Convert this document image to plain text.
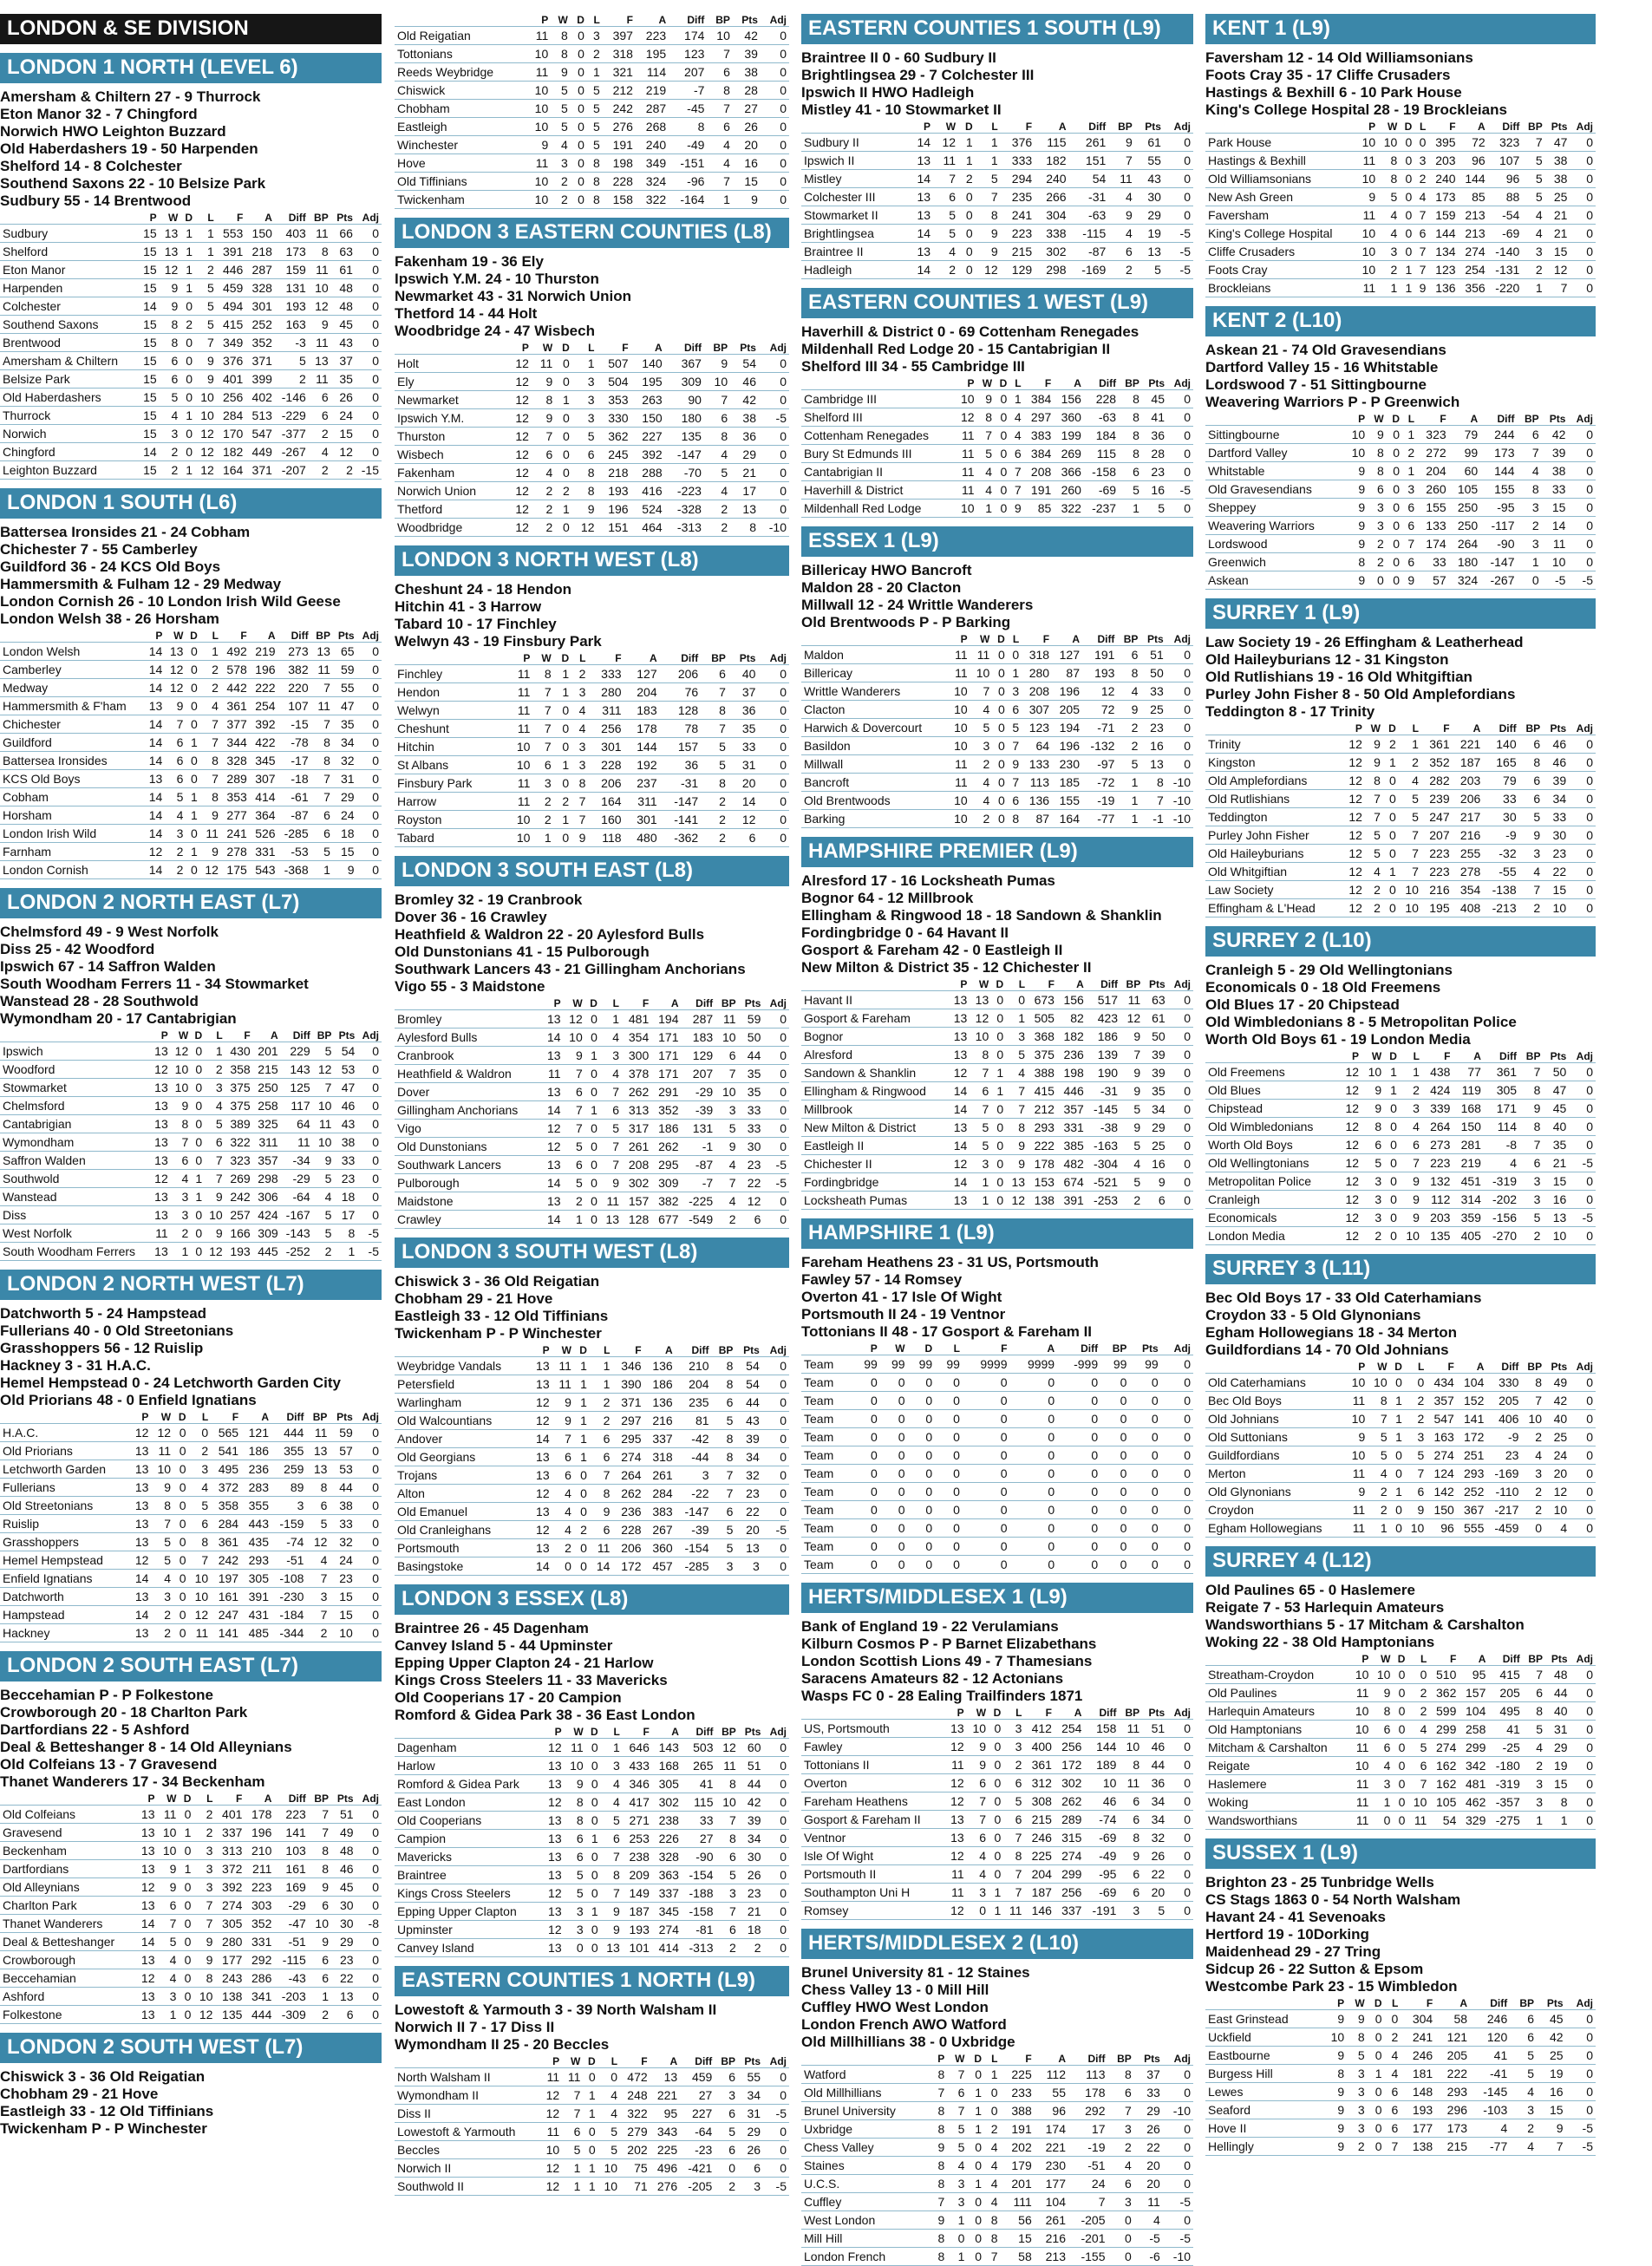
LONDON & SE DIVISION
LONDON 1 NORTH (LEVEL 6)
Amersham & Chiltern 27 - 9 Thurrock
Eton Manor 32 - 7 Chingford
Norwich HWO Leighton Buzzard
Old Haberdashers 19 - 50 Harpenden
Shelford 14 - 8 Colchester
Southend Saxons 22 - 10 Belsize Park
Sudbury 55 - 14 Brentwood
	P	W	D	L	F	A	Diff	BP	Pts	Adj
Sudbury	15	13	1	1	553	150	403	11	66	0
Shelford	15	13	1	1	391	218	173	8	63	0
Eton Manor	15	12	1	2	446	287	159	11	61	0
Harpenden	15	9	1	5	459	328	131	10	48	0
Colchester	14	9	0	5	494	301	193	12	48	0
Southend Saxons	15	8	2	5	415	252	163	9	45	0
Brentwood	15	8	0	7	349	352	-3	11	43	0
Amersham & Chiltern	15	6	0	9	376	371	5	13	37	0
Belsize Park	15	6	0	9	401	399	2	11	35	0
Old Haberdashers	15	5	0	10	256	402	-146	6	26	0
Thurrock	15	4	1	10	284	513	-229	6	24	0
Norwich	15	3	0	12	170	547	-377	2	15	0
Chingford	14	2	0	12	182	449	-267	4	12	0
Leighton Buzzard	15	2	1	12	164	371	-207	2	2	-15
LONDON 1 SOUTH (L6)
Battersea Ironsides 21 - 24 Cobham
Chichester 7 - 55 Camberley
Guildford 36 - 24 KCS Old Boys
Hammersmith & Fulham 12 - 29 Medway
London Cornish 26 - 10 London Irish Wild Geese
London Welsh 38 - 26 Horsham
	P	W	D	L	F	A	Diff	BP	Pts	Adj
London Welsh	14	13	0	1	492	219	273	13	65	0
Camberley	14	12	0	2	578	196	382	11	59	0
Medway	14	12	0	2	442	222	220	7	55	0
Hammersmith & F'ham	13	9	0	4	361	254	107	11	47	0
Chichester	14	7	0	7	377	392	-15	7	35	0
Guildford	14	6	1	7	344	422	-78	8	34	0
Battersea Ironsides	14	6	0	8	328	345	-17	8	32	0
KCS Old Boys	13	6	0	7	289	307	-18	7	31	0
Cobham	14	5	1	8	353	414	-61	7	29	0
Horsham	14	4	1	9	277	364	-87	6	24	0
London Irish Wild	14	3	0	11	241	526	-285	6	18	0
Farnham	12	2	1	9	278	331	-53	5	15	0
London Cornish	14	2	0	12	175	543	-368	1	9	0
LONDON 2 NORTH EAST (L7)
Chelmsford 49 - 9 West Norfolk
Diss 25 - 42 Woodford
Ipswich 67 - 14 Saffron Walden
South Woodham Ferrers 11 - 34 Stowmarket
Wanstead 28 - 28 Southwold
Wymondham 20 - 17 Cantabrigian
	P	W	D	L	F	A	Diff	BP	Pts	Adj
Ipswich	13	12	0	1	430	201	229	5	54	0
Woodford	12	10	0	2	358	215	143	12	53	0
Stowmarket	13	10	0	3	375	250	125	7	47	0
Chelmsford	13	9	0	4	375	258	117	10	46	0
Cantabrigian	13	8	0	5	389	325	64	11	43	0
Wymondham	13	7	0	6	322	311	11	10	38	0
Saffron Walden	13	6	0	7	323	357	-34	9	33	0
Southwold	12	4	1	7	269	298	-29	5	23	0
Wanstead	13	3	1	9	242	306	-64	4	18	0
Diss	13	3	0	10	257	424	-167	5	17	0
West Norfolk	11	2	0	9	166	309	-143	5	8	-5
South Woodham Ferrers	13	1	0	12	193	445	-252	2	1	-5
LONDON 2 NORTH WEST (L7)
Datchworth 5 - 24 Hampstead
Fullerians 40 - 0 Old Streetonians
Grasshoppers 56 - 12 Ruislip
Hackney 3 - 31 H.A.C.
Hemel Hempstead 0 - 24 Letchworth Garden City
Old Priorians 48 - 0 Enfield Ignatians
	P	W	D	L	F	A	Diff	BP	Pts	Adj
H.A.C.	12	12	0	0	565	121	444	11	59	0
Old Priorians	13	11	0	2	541	186	355	13	57	0
Letchworth Garden	13	10	0	3	495	236	259	13	53	0
Fullerians	13	9	0	4	372	283	89	8	44	0
Old Streetonians	13	8	0	5	358	355	3	6	38	0
Ruislip	13	7	0	6	284	443	-159	5	33	0
Grasshoppers	13	5	0	8	361	435	-74	12	32	0
Hemel Hempstead	12	5	0	7	242	293	-51	4	24	0
Enfield Ignatians	14	4	0	10	197	305	-108	7	23	0
Datchworth	13	3	0	10	161	391	-230	3	15	0
Hampstead	14	2	0	12	247	431	-184	7	15	0
Hackney	13	2	0	11	141	485	-344	2	10	0
LONDON 2 SOUTH EAST (L7)
Beccehamian P - P Folkestone
Crowborough 20 - 18 Charlton Park
Dartfordians 22 - 5 Ashford
Deal & Betteshanger 8 - 14 Old Alleynians
Old Colfeians 13 - 7 Gravesend
Thanet Wanderers 17 - 34 Beckenham
	P	W	D	L	F	A	Diff	BP	Pts	Adj
Old Colfeians	13	11	0	2	401	178	223	7	51	0
Gravesend	13	10	1	2	337	196	141	7	49	0
Beckenham	13	10	0	3	313	210	103	8	48	0
Dartfordians	13	9	1	3	372	211	161	8	46	0
Old Alleynians	12	9	0	3	392	223	169	9	45	0
Charlton Park	13	6	0	7	274	303	-29	6	30	0
Thanet Wanderers	14	7	0	7	305	352	-47	10	30	-8
Deal & Betteshanger	14	5	0	9	280	331	-51	9	29	0
Crowborough	13	4	0	9	177	292	-115	6	23	0
Beccehamian	12	4	0	8	243	286	-43	6	22	0
Ashford	13	3	0	10	138	341	-203	1	13	0
Folkestone	13	1	0	12	135	444	-309	2	6	0
LONDON 2 SOUTH WEST (L7)
Chiswick 3 - 36 Old Reigatian
Chobham 29 - 21 Hove
Eastleigh 33 - 12 Old Tiffinians
Twickenham P - P Winchester
	P	W	D	L	F	A	Diff	BP	Pts	Adj
Old Reigatian	11	8	0	3	397	223	174	10	42	0
Tottonians	10	8	0	2	318	195	123	7	39	0
Reeds Weybridge	11	9	0	1	321	114	207	6	38	0
Chiswick	10	5	0	5	212	219	-7	8	28	0
Chobham	10	5	0	5	242	287	-45	7	27	0
Eastleigh	10	5	0	5	276	268	8	6	26	0
Winchester	9	4	0	5	191	240	-49	4	20	0
Hove	11	3	0	8	198	349	-151	4	16	0
Old Tiffinians	10	2	0	8	228	324	-96	7	15	0
Twickenham	10	2	0	8	158	322	-164	1	9	0
LONDON 3 EASTERN COUNTIES (L8)
Fakenham 19 - 36 Ely
Ipswich Y.M. 24 - 10 Thurston
Newmarket 43 - 31 Norwich Union
Thetford 14 - 44 Holt
Woodbridge 24 - 47 Wisbech
	P	W	D	L	F	A	Diff	BP	Pts	Adj
Holt	12	11	0	1	507	140	367	9	54	0
Ely	12	9	0	3	504	195	309	10	46	0
Newmarket	12	8	1	3	353	263	90	7	42	0
Ipswich Y.M.	12	9	0	3	330	150	180	6	38	-5
Thurston	12	7	0	5	362	227	135	8	36	0
Wisbech	12	6	0	6	245	392	-147	4	29	0
Fakenham	12	4	0	8	218	288	-70	5	21	0
Norwich Union	12	2	2	8	193	416	-223	4	17	0
Thetford	12	2	1	9	196	524	-328	2	13	0
Woodbridge	12	2	0	12	151	464	-313	2	8	-10
LONDON 3 NORTH WEST (L8)
Cheshunt 24 - 18 Hendon
Hitchin 41 - 3 Harrow
Tabard 10 - 17 Finchley
Welwyn 43 - 19 Finsbury Park
	P	W	D	L	F	A	Diff	BP	Pts	Adj
Finchley	11	8	1	2	333	127	206	6	40	0
Hendon	11	7	1	3	280	204	76	7	37	0
Welwyn	11	7	0	4	311	183	128	8	36	0
Cheshunt	11	7	0	4	256	178	78	7	35	0
Hitchin	10	7	0	3	301	144	157	5	33	0
St Albans	10	6	1	3	228	192	36	5	31	0
Finsbury Park	11	3	0	8	206	237	-31	8	20	0
Harrow	11	2	2	7	164	311	-147	2	14	0
Royston	10	2	1	7	160	301	-141	2	12	0
Tabard	10	1	0	9	118	480	-362	2	6	0
LONDON 3 SOUTH EAST (L8)
Bromley 32 - 19 Cranbrook
Dover 36 - 16 Crawley
Heathfield & Waldron 22 - 20 Aylesford Bulls
Old Dunstonians 41 - 15 Pulborough
Southwark Lancers 43 - 21 Gillingham Anchorians
Vigo 55 - 3 Maidstone
	P	W	D	L	F	A	Diff	BP	Pts	Adj
Bromley	13	12	0	1	481	194	287	11	59	0
Aylesford Bulls	14	10	0	4	354	171	183	10	50	0
Cranbrook	13	9	1	3	300	171	129	6	44	0
Heathfield & Waldron	11	7	0	4	378	171	207	7	35	0
Dover	13	6	0	7	262	291	-29	10	35	0
Gillingham Anchorians	14	7	1	6	313	352	-39	3	33	0
Vigo	12	7	0	5	317	186	131	5	33	0
Old Dunstonians	12	5	0	7	261	262	-1	9	30	0
Southwark Lancers	13	6	0	7	208	295	-87	4	23	-5
Pulborough	14	5	0	9	302	309	-7	7	22	-5
Maidstone	13	2	0	11	157	382	-225	4	12	0
Crawley	14	1	0	13	128	677	-549	2	6	0
LONDON 3 SOUTH WEST (L8)
Chiswick 3 - 36 Old Reigatian
Chobham 29 - 21 Hove
Eastleigh 33 - 12 Old Tiffinians
Twickenham P - P Winchester
	P	W	D	L	F	A	Diff	BP	Pts	Adj
Weybridge Vandals	13	11	1	1	346	136	210	8	54	0
Petersfield	13	11	1	1	390	186	204	8	54	0
Warlingham	12	9	1	2	371	136	235	6	44	0
Old Walcountians	12	9	1	2	297	216	81	5	43	0
Andover	14	7	1	6	295	337	-42	8	39	0
Old Georgians	13	6	1	6	274	318	-44	8	34	0
Trojans	13	6	0	7	264	261	3	7	32	0
Alton	12	4	0	8	262	284	-22	7	23	0
Old Emanuel	13	4	0	9	236	383	-147	6	22	0
Old Cranleighans	12	4	2	6	228	267	-39	5	20	-5
Portsmouth	13	2	0	11	206	360	-154	5	13	0
Basingstoke	14	0	0	14	172	457	-285	3	3	0
LONDON 3 ESSEX (L8)
Braintree 26 - 45 Dagenham
Canvey Island 5 - 44 Upminster
Epping Upper Clapton 24 - 21 Harlow
Kings Cross Steelers 11 - 33 Mavericks
Old Cooperians 17 - 20 Campion
Romford & Gidea Park 38 - 36 East London
	P	W	D	L	F	A	Diff	BP	Pts	Adj
Dagenham	12	11	0	1	646	143	503	12	60	0
Harlow	13	10	0	3	433	168	265	11	51	0
Romford & Gidea Park	13	9	0	4	346	305	41	8	44	0
East London	12	8	0	4	417	302	115	10	42	0
Old Cooperians	13	8	0	5	271	238	33	7	39	0
Campion	13	6	1	6	253	226	27	8	34	0
Mavericks	13	6	0	7	238	328	-90	6	30	0
Braintree	13	5	0	8	209	363	-154	5	26	0
Kings Cross Steelers	12	5	0	7	149	337	-188	3	23	0
Epping Upper Clapton	13	3	1	9	187	345	-158	7	21	0
Upminster	12	3	0	9	193	274	-81	6	18	0
Canvey Island	13	0	0	13	101	414	-313	2	2	0
EASTERN COUNTIES 1 NORTH (L9)
Lowestoft & Yarmouth 3 - 39 North Walsham II
Norwich II 7 - 17 Diss II
Wymondham II 25 - 20 Beccles
	P	W	D	L	F	A	Diff	BP	Pts	Adj
North Walsham II	11	11	0	0	472	13	459	6	55	0
Wymondham II	12	7	1	4	248	221	27	3	34	0
Diss II	12	7	1	4	322	95	227	6	31	-5
Lowestoft & Yarmouth	11	6	0	5	279	343	-64	5	29	0
Beccles	10	5	0	5	202	225	-23	6	26	0
Norwich II	12	1	1	10	75	496	-421	0	6	0
Southwold II	12	1	1	10	71	276	-205	2	3	-5
EASTERN COUNTIES 1 SOUTH (L9)
Braintree II 0 - 60 Sudbury II
Brightlingsea 29 - 7 Colchester III
Ipswich II HWO Hadleigh
Mistley 41 - 10 Stowmarket II
	P	W	D	L	F	A	Diff	BP	Pts	Adj
Sudbury II	14	12	1	1	376	115	261	9	61	0
Ipswich II	13	11	1	1	333	182	151	7	55	0
Mistley	14	7	2	5	294	240	54	11	43	0
Colchester III	13	6	0	7	235	266	-31	4	30	0
Stowmarket II	13	5	0	8	241	304	-63	9	29	0
Brightlingsea	14	5	0	9	223	338	-115	4	19	-5
Braintree II	13	4	0	9	215	302	-87	6	13	-5
Hadleigh	14	2	0	12	129	298	-169	2	5	-5
EASTERN COUNTIES 1 WEST (L9)
Haverhill & District 0 - 69 Cottenham Renegades
Mildenhall Red Lodge 20 - 15 Cantabrigian II
Shelford III 34 - 55 Cambridge III
	P	W	D	L	F	A	Diff	BP	Pts	Adj
Cambridge III	10	9	0	1	384	156	228	8	45	0
Shelford III	12	8	0	4	297	360	-63	8	41	0
Cottenham Renegades	11	7	0	4	383	199	184	8	36	0
Bury St Edmunds III	11	5	0	6	384	269	115	8	28	0
Cantabrigian II	11	4	0	7	208	366	-158	6	23	0
Haverhill & District	11	4	0	7	191	260	-69	5	16	-5
Mildenhall Red Lodge	10	1	0	9	85	322	-237	1	5	0
ESSEX 1 (L9)
Billericay HWO Bancroft
Maldon 28 - 20 Clacton
Millwall 12 - 24 Writtle Wanderers
Old Brentwoods P - P Barking
	P	W	D	L	F	A	Diff	BP	Pts	Adj
Maldon	11	11	0	0	318	127	191	6	51	0
Billericay	11	10	0	1	280	87	193	8	50	0
Writtle Wanderers	10	7	0	3	208	196	12	4	33	0
Clacton	10	4	0	6	307	205	72	9	25	0
Harwich & Dovercourt	10	5	0	5	123	194	-71	2	23	0
Basildon	10	3	0	7	64	196	-132	2	16	0
Millwall	11	2	0	9	133	230	-97	5	13	0
Bancroft	11	4	0	7	113	185	-72	1	8	-10
Old Brentwoods	10	4	0	6	136	155	-19	1	7	-10
Barking	10	2	0	8	87	164	-77	1	-1	-10
HAMPSHIRE PREMIER (L9)
Alresford 17 - 16 Locksheath Pumas
Bognor 64 - 12 Millbrook
Ellingham & Ringwood 18 - 18 Sandown & Shanklin
Fordingbridge 0 - 64 Havant II
Gosport & Fareham 42 - 0 Eastleigh II
New Milton & District 35 - 12 Chichester II
	P	W	D	L	F	A	Diff	BP	Pts	Adj
Havant II	13	13	0	0	673	156	517	11	63	0
Gosport & Fareham	13	12	0	1	505	82	423	12	61	0
Bognor	13	10	0	3	368	182	186	9	50	0
Alresford	13	8	0	5	375	236	139	7	39	0
Sandown & Shanklin	12	7	1	4	388	198	190	9	39	0
Ellingham & Ringwood	14	6	1	7	415	446	-31	9	35	0
Millbrook	14	7	0	7	212	357	-145	5	34	0
New Milton & District	13	5	0	8	293	331	-38	9	29	0
Eastleigh II	14	5	0	9	222	385	-163	5	25	0
Chichester II	12	3	0	9	178	482	-304	4	16	0
Fordingbridge	14	1	0	13	153	674	-521	5	9	0
Locksheath Pumas	13	1	0	12	138	391	-253	2	6	0
HAMPSHIRE 1 (L9)
Fareham Heathens 23 - 31 US, Portsmouth
Fawley 57 - 14 Romsey
Overton 41 - 17 Isle Of Wight
Portsmouth II 24 - 19 Ventnor
Tottonians II 48 - 17 Gosport & Fareham II
	P	W	D	L	F	A	Diff	BP	Pts	Adj
Team	99	99	99	99	9999	9999	-999	99	99	0
Team	0	0	0	0	0	0	0	0	0	0
Team	0	0	0	0	0	0	0	0	0	0
Team	0	0	0	0	0	0	0	0	0	0
Team	0	0	0	0	0	0	0	0	0	0
Team	0	0	0	0	0	0	0	0	0	0
Team	0	0	0	0	0	0	0	0	0	0
Team	0	0	0	0	0	0	0	0	0	0
Team	0	0	0	0	0	0	0	0	0	0
Team	0	0	0	0	0	0	0	0	0	0
Team	0	0	0	0	0	0	0	0	0	0
Team	0	0	0	0	0	0	0	0	0	0
HERTS/MIDDLESEX 1 (L9)
Bank of England 19 - 22 Verulamians
Kilburn Cosmos P - P Barnet Elizabethans
London Scottish Lions 49 - 7 Thamesians
Saracens Amateurs 82 - 12 Actonians
Wasps FC 0 - 28 Ealing Trailfinders 1871
	P	W	D	L	F	A	Diff	BP	Pts	Adj
US, Portsmouth	13	10	0	3	412	254	158	11	51	0
Fawley	12	9	0	3	400	256	144	10	46	0
Tottonians II	11	9	0	2	361	172	189	8	44	0
Overton	12	6	0	6	312	302	10	11	36	0
Fareham Heathens	12	7	0	5	308	262	46	6	34	0
Gosport & Fareham II	13	7	0	6	215	289	-74	6	34	0
Ventnor	13	6	0	7	246	315	-69	8	32	0
Isle Of Wight	12	4	0	8	225	274	-49	9	26	0
Portsmouth II	11	4	0	7	204	299	-95	6	22	0
Southampton Uni H	11	3	1	7	187	256	-69	6	20	0
Romsey	12	0	1	11	146	337	-191	3	5	0
HERTS/MIDDLESEX 2 (L10)
Brunel University 81 - 12 Staines
Chess Valley 13 - 0 Mill Hill
Cuffley HWO West London
London French AWO Watford
Old Millhillians 38 - 0 Uxbridge
	P	W	D	L	F	A	Diff	BP	Pts	Adj
Watford	8	7	0	1	225	112	113	8	37	0
Old Millhillians	7	6	1	0	233	55	178	6	33	0
Brunel University	8	7	1	0	388	96	292	7	29	-10
Uxbridge	8	5	1	2	191	174	17	3	26	0
Chess Valley	9	5	0	4	202	221	-19	2	22	0
Staines	8	4	0	4	179	230	-51	4	20	0
U.C.S.	8	3	1	4	201	177	24	6	20	0
Cuffley	7	3	0	4	111	104	7	3	11	-5
West London	9	1	0	8	56	261	-205	0	4	0
Mill Hill	8	0	0	8	15	216	-201	0	-5	-5
London French	8	1	0	7	58	213	-155	0	-6	-10
KENT 1 (L9)
Faversham 12 - 14 Old Williamsonians
Foots Cray 35 - 17 Cliffe Crusaders
Hastings & Bexhill 6 - 10 Park House
King's College Hospital 28 - 19 Brockleians
	P	W	D	L	F	A	Diff	BP	Pts	Adj
Park House	10	10	0	0	395	72	323	7	47	0
Hastings & Bexhill	11	8	0	3	203	96	107	5	38	0
Old Williamsonians	10	8	0	2	240	144	96	5	38	0
New Ash Green	9	5	0	4	173	85	88	5	25	0
Faversham	11	4	0	7	159	213	-54	4	21	0
King's College Hospital	10	4	0	6	144	213	-69	4	21	0
Cliffe Crusaders	10	3	0	7	134	274	-140	3	15	0
Foots Cray	10	2	1	7	123	254	-131	2	12	0
Brockleians	11	1	1	9	136	356	-220	1	7	0
KENT 2 (L10)
Askean 21 - 74 Old Gravesendians
Dartford Valley 15 - 16 Whitstable
Lordswood 7 - 51 Sittingbourne
Weavering Warriors P - P Greenwich
	P	W	D	L	F	A	Diff	BP	Pts	Adj
Sittingbourne	10	9	0	1	323	79	244	6	42	0
Dartford Valley	10	8	0	2	272	99	173	7	39	0
Whitstable	9	8	0	1	204	60	144	4	38	0
Old Gravesendians	9	6	0	3	260	105	155	8	33	0
Sheppey	9	3	0	6	155	250	-95	3	15	0
Weavering Warriors	9	3	0	6	133	250	-117	2	14	0
Lordswood	9	2	0	7	174	264	-90	3	11	0
Greenwich	8	2	0	6	33	180	-147	1	10	0
Askean	9	0	0	9	57	324	-267	0	-5	-5
SURREY 1 (L9)
Law Society 19 - 26 Effingham & Leatherhead
Old Haileyburians 12 - 31 Kingston
Old Rutlishians 19 - 16 Old Whitgiftian
Purley John Fisher 8 - 50 Old Amplefordians
Teddington 8 - 17 Trinity
	P	W	D	L	F	A	Diff	BP	Pts	Adj
Trinity	12	9	2	1	361	221	140	6	46	0
Kingston	12	9	1	2	352	187	165	8	46	0
Old Amplefordians	12	8	0	4	282	203	79	6	39	0
Old Rutlishians	12	7	0	5	239	206	33	6	34	0
Teddington	12	7	0	5	247	217	30	5	33	0
Purley John Fisher	12	5	0	7	207	216	-9	9	30	0
Old Haileyburians	12	5	0	7	223	255	-32	3	23	0
Old Whitgiftian	12	4	1	7	223	278	-55	4	22	0
Law Society	12	2	0	10	216	354	-138	7	15	0
Effingham & L'Head	12	2	0	10	195	408	-213	2	10	0
SURREY 2 (L10)
Cranleigh 5 - 29 Old Wellingtonians
Economicals 0 - 18 Old Freemens
Old Blues 17 - 20 Chipstead
Old Wimbledonians 8 - 5 Metropolitan Police
Worth Old Boys 61 - 19 London Media
	P	W	D	L	F	A	Diff	BP	Pts	Adj
Old Freemens	12	10	1	1	438	77	361	7	50	0
Old Blues	12	9	1	2	424	119	305	8	47	0
Chipstead	12	9	0	3	339	168	171	9	45	0
Old Wimbledonians	12	8	0	4	264	150	114	8	40	0
Worth Old Boys	12	6	0	6	273	281	-8	7	35	0
Old Wellingtonians	12	5	0	7	223	219	4	6	21	-5
Metropolitan Police	12	3	0	9	132	451	-319	3	15	0
Cranleigh	12	3	0	9	112	314	-202	3	16	0
Economicals	12	3	0	9	203	359	-156	5	13	-5
London Media	12	2	0	10	135	405	-270	2	10	0
SURREY 3 (L11)
Bec Old Boys 17 - 33 Old Caterhamians
Croydon 33 - 5 Old Glynonians
Egham Hollowegians 18 - 34 Merton
Guildfordians 14 - 70 Old Johnians
	P	W	D	L	F	A	Diff	BP	Pts	Adj
Old Caterhamians	10	10	0	0	434	104	330	8	49	0
Bec Old Boys	11	8	1	2	357	152	205	7	42	0
Old Johnians	10	7	1	2	547	141	406	10	40	0
Old Suttonians	9	5	1	3	163	172	-9	2	25	0
Guildfordians	10	5	0	5	274	251	23	4	24	0
Merton	11	4	0	7	124	293	-169	3	20	0
Old Glynonians	9	2	1	6	142	252	-110	2	12	0
Croydon	11	2	0	9	150	367	-217	2	10	0
Egham Hollowegians	11	1	0	10	96	555	-459	0	4	0
SURREY 4 (L12)
Old Paulines 65 - 0 Haslemere
Reigate 7 - 53 Harlequin Amateurs
Wandsworthians 5 - 17 Mitcham & Carshalton
Woking 22 - 38 Old Hamptonians
	P	W	D	L	F	A	Diff	BP	Pts	Adj
Streatham-Croydon	10	10	0	0	510	95	415	7	48	0
Old Paulines	11	9	0	2	362	157	205	6	44	0
Harlequin Amateurs	10	8	0	2	599	104	495	8	40	0
Old Hamptonians	10	6	0	4	299	258	41	5	31	0
Mitcham & Carshalton	11	6	0	5	274	299	-25	4	29	0
Reigate	10	4	0	6	162	342	-180	2	19	0
Haslemere	11	3	0	7	162	481	-319	3	15	0
Woking	11	1	0	10	105	462	-357	3	8	0
Wandsworthians	11	0	0	11	54	329	-275	1	1	0
SUSSEX 1 (L9)
Brighton 23 - 25 Tunbridge Wells
CS Stags 1863 0 - 54 North Walsham
Havant 24 - 41 Sevenoaks
Hertford 19 - 10Dorking
Maidenhead 29 - 27 Tring
Sidcup 26 - 22 Sutton & Epsom
Westcombe Park 23 - 15 Wimbledon
	P	W	D	L	F	A	Diff	BP	Pts	Adj
East Grinstead	9	9	0	0	304	58	246	6	45	0
Uckfield	10	8	0	2	241	121	120	6	42	0
Eastbourne	9	5	0	4	246	205	41	5	25	0
Burgess Hill	8	3	1	4	181	222	-41	5	19	0
Lewes	9	3	0	6	148	293	-145	4	16	0
Seaford	9	3	0	6	193	296	-103	3	15	0
Hove II	9	3	0	6	177	173	4	2	9	-5
Hellingly	9	2	0	7	138	215	-77	4	7	-5
